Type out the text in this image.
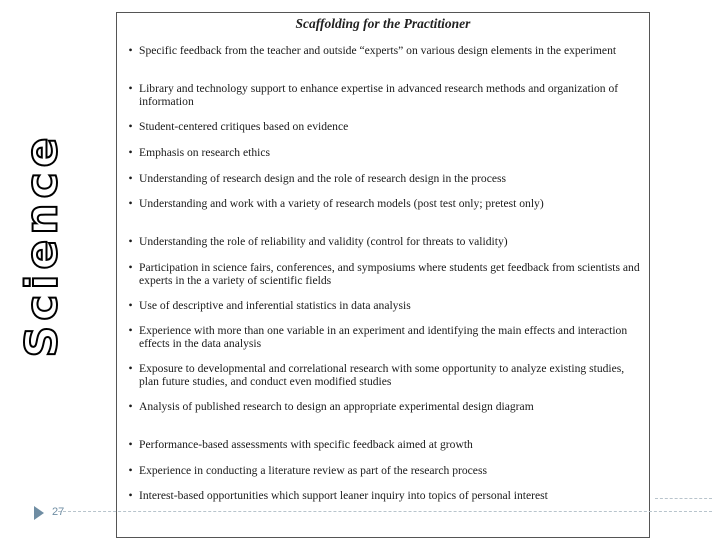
Science
Scaffolding for the Practitioner
• Specific feedback from the teacher and outside “experts” on various design elements in the experiment
• Library and technology support to enhance expertise in advanced research methods and organization of information
• Student-centered critiques based on evidence
• Emphasis on research ethics
• Understanding of research design and the role of research design in the process
• Understanding and work with a variety of research models (post test only; pretest only)
• Understanding the role of reliability and validity (control for threats to validity)
• Participation in science fairs, conferences, and symposiums where students get feedback from scientists and experts in the a variety of scientific fields
• Use of descriptive and inferential statistics in data analysis
• Experience with more than one variable in an experiment and identifying the main effects and interaction effects in the data analysis
• Exposure to developmental and correlational research with some opportunity to analyze existing studies, plan future studies, and conduct even modified studies
• Analysis of published research to design an appropriate experimental design diagram
• Performance-based assessments with specific feedback aimed at growth
• Experience in conducting a literature review as part of the research process
• Interest-based opportunities which support leaner inquiry into topics of personal interest
27
